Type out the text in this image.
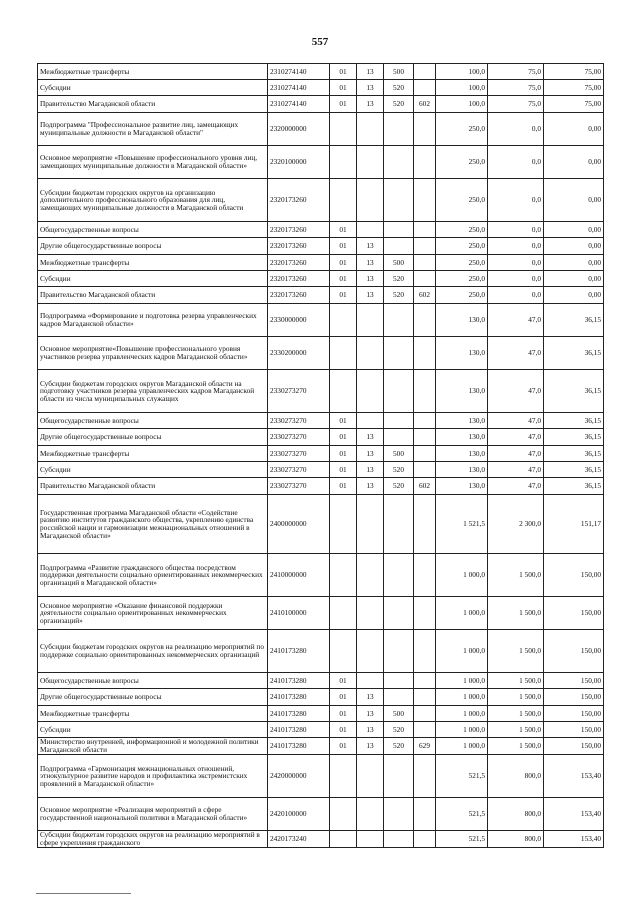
557
Межбюджетные трансферты	2310274140	01	13	500		100,0	75,0	75,00
Субсидии	2310274140	01	13	520		100,0	75,0	75,00
Правительство Магаданской области	2310274140	01	13	520	602	100,0	75,0	75,00
Подпрограмма "Профессиональное развитие лиц, замещающих муниципальные должности в Магаданской области"	2320000000					250,0	0,0	0,00
Основное мероприятие «Повышение профессионального уровня лиц, замещающих муниципальные должности в Магаданской области»	2320100000					250,0	0,0	0,00
Субсидии бюджетам городских округов на организацию дополнительного профессионального образования для лиц, замещающих муниципальные должности в Магаданской области	2320173260					250,0	0,0	0,00
Общегосударственные вопросы	2320173260	01				250,0	0,0	0,00
Другие общегосударственные вопросы	2320173260	01	13			250,0	0,0	0,00
Межбюджетные трансферты	2320173260	01	13	500		250,0	0,0	0,00
Субсидии	2320173260	01	13	520		250,0	0,0	0,00
Правительство Магаданской области	2320173260	01	13	520	602	250,0	0,0	0,00
Подпрограмма «Формирование и подготовка резерва управленческих кадров Магаданской области»	2330000000					130,0	47,0	36,15
Основное мероприятие«Повышение профессионального уровня участников резерва управленческих кадров Магаданской области»	2330200000					130,0	47,0	36,15
Субсидии бюджетам городских округов Магаданской области на подготовку участников резерва управленческих кадров Магаданской области из числа муниципальных служащих	2330273270					130,0	47,0	36,15
Общегосударственные вопросы	2330273270	01				130,0	47,0	36,15
Другие общегосударственные вопросы	2330273270	01	13			130,0	47,0	36,15
Межбюджетные трансферты	2330273270	01	13	500		130,0	47,0	36,15
Субсидии	2330273270	01	13	520		130,0	47,0	36,15
Правительство Магаданской области	2330273270	01	13	520	602	130,0	47,0	36,15
Государственная программа Магаданской области «Содействие развитию институтов гражданского общества, укреплению единства российской нации и гармонизации межнациональных отношений в Магаданской области»	2400000000					1 521,5	2 300,0	151,17
Подпрограмма «Развитие гражданского общества посредством поддержки деятельности социально ориентированных некоммерческих организаций в Магаданской области»	2410000000					1 000,0	1 500,0	150,00
Основное мероприятие «Оказание финансовой поддержки деятельности социально ориентированных некоммерческих организаций»	2410100000					1 000,0	1 500,0	150,00
Субсидии бюджетам городских округов на реализацию мероприятий по поддержке социально ориентированных некоммерческих организаций	2410173280					1 000,0	1 500,0	150,00
Общегосударственные вопросы	2410173280	01				1 000,0	1 500,0	150,00
Другие общегосударственные вопросы	2410173280	01	13			1 000,0	1 500,0	150,00
Межбюджетные трансферты	2410173280	01	13	500		1 000,0	1 500,0	150,00
Субсидии	2410173280	01	13	520		1 000,0	1 500,0	150,00
Министерство внутренней, информационной и молодежной политики Магаданской области	2410173280	01	13	520	629	1 000,0	1 500,0	150,00
Подпрограмма «Гармонизация межнациональных отношений, этнокультурное развитие народов и профилактика экстремистских проявлений в Магаданской области»	2420000000					521,5	800,0	153,40
Основное мероприятие «Реализация мероприятий в сфере государственной национальной политики в Магаданской области»	2420100000					521,5	800,0	153,40
Субсидии бюджетам городских округов на реализацию мероприятий в сфере укрепления гражданского	2420173240					521,5	800,0	153,40
